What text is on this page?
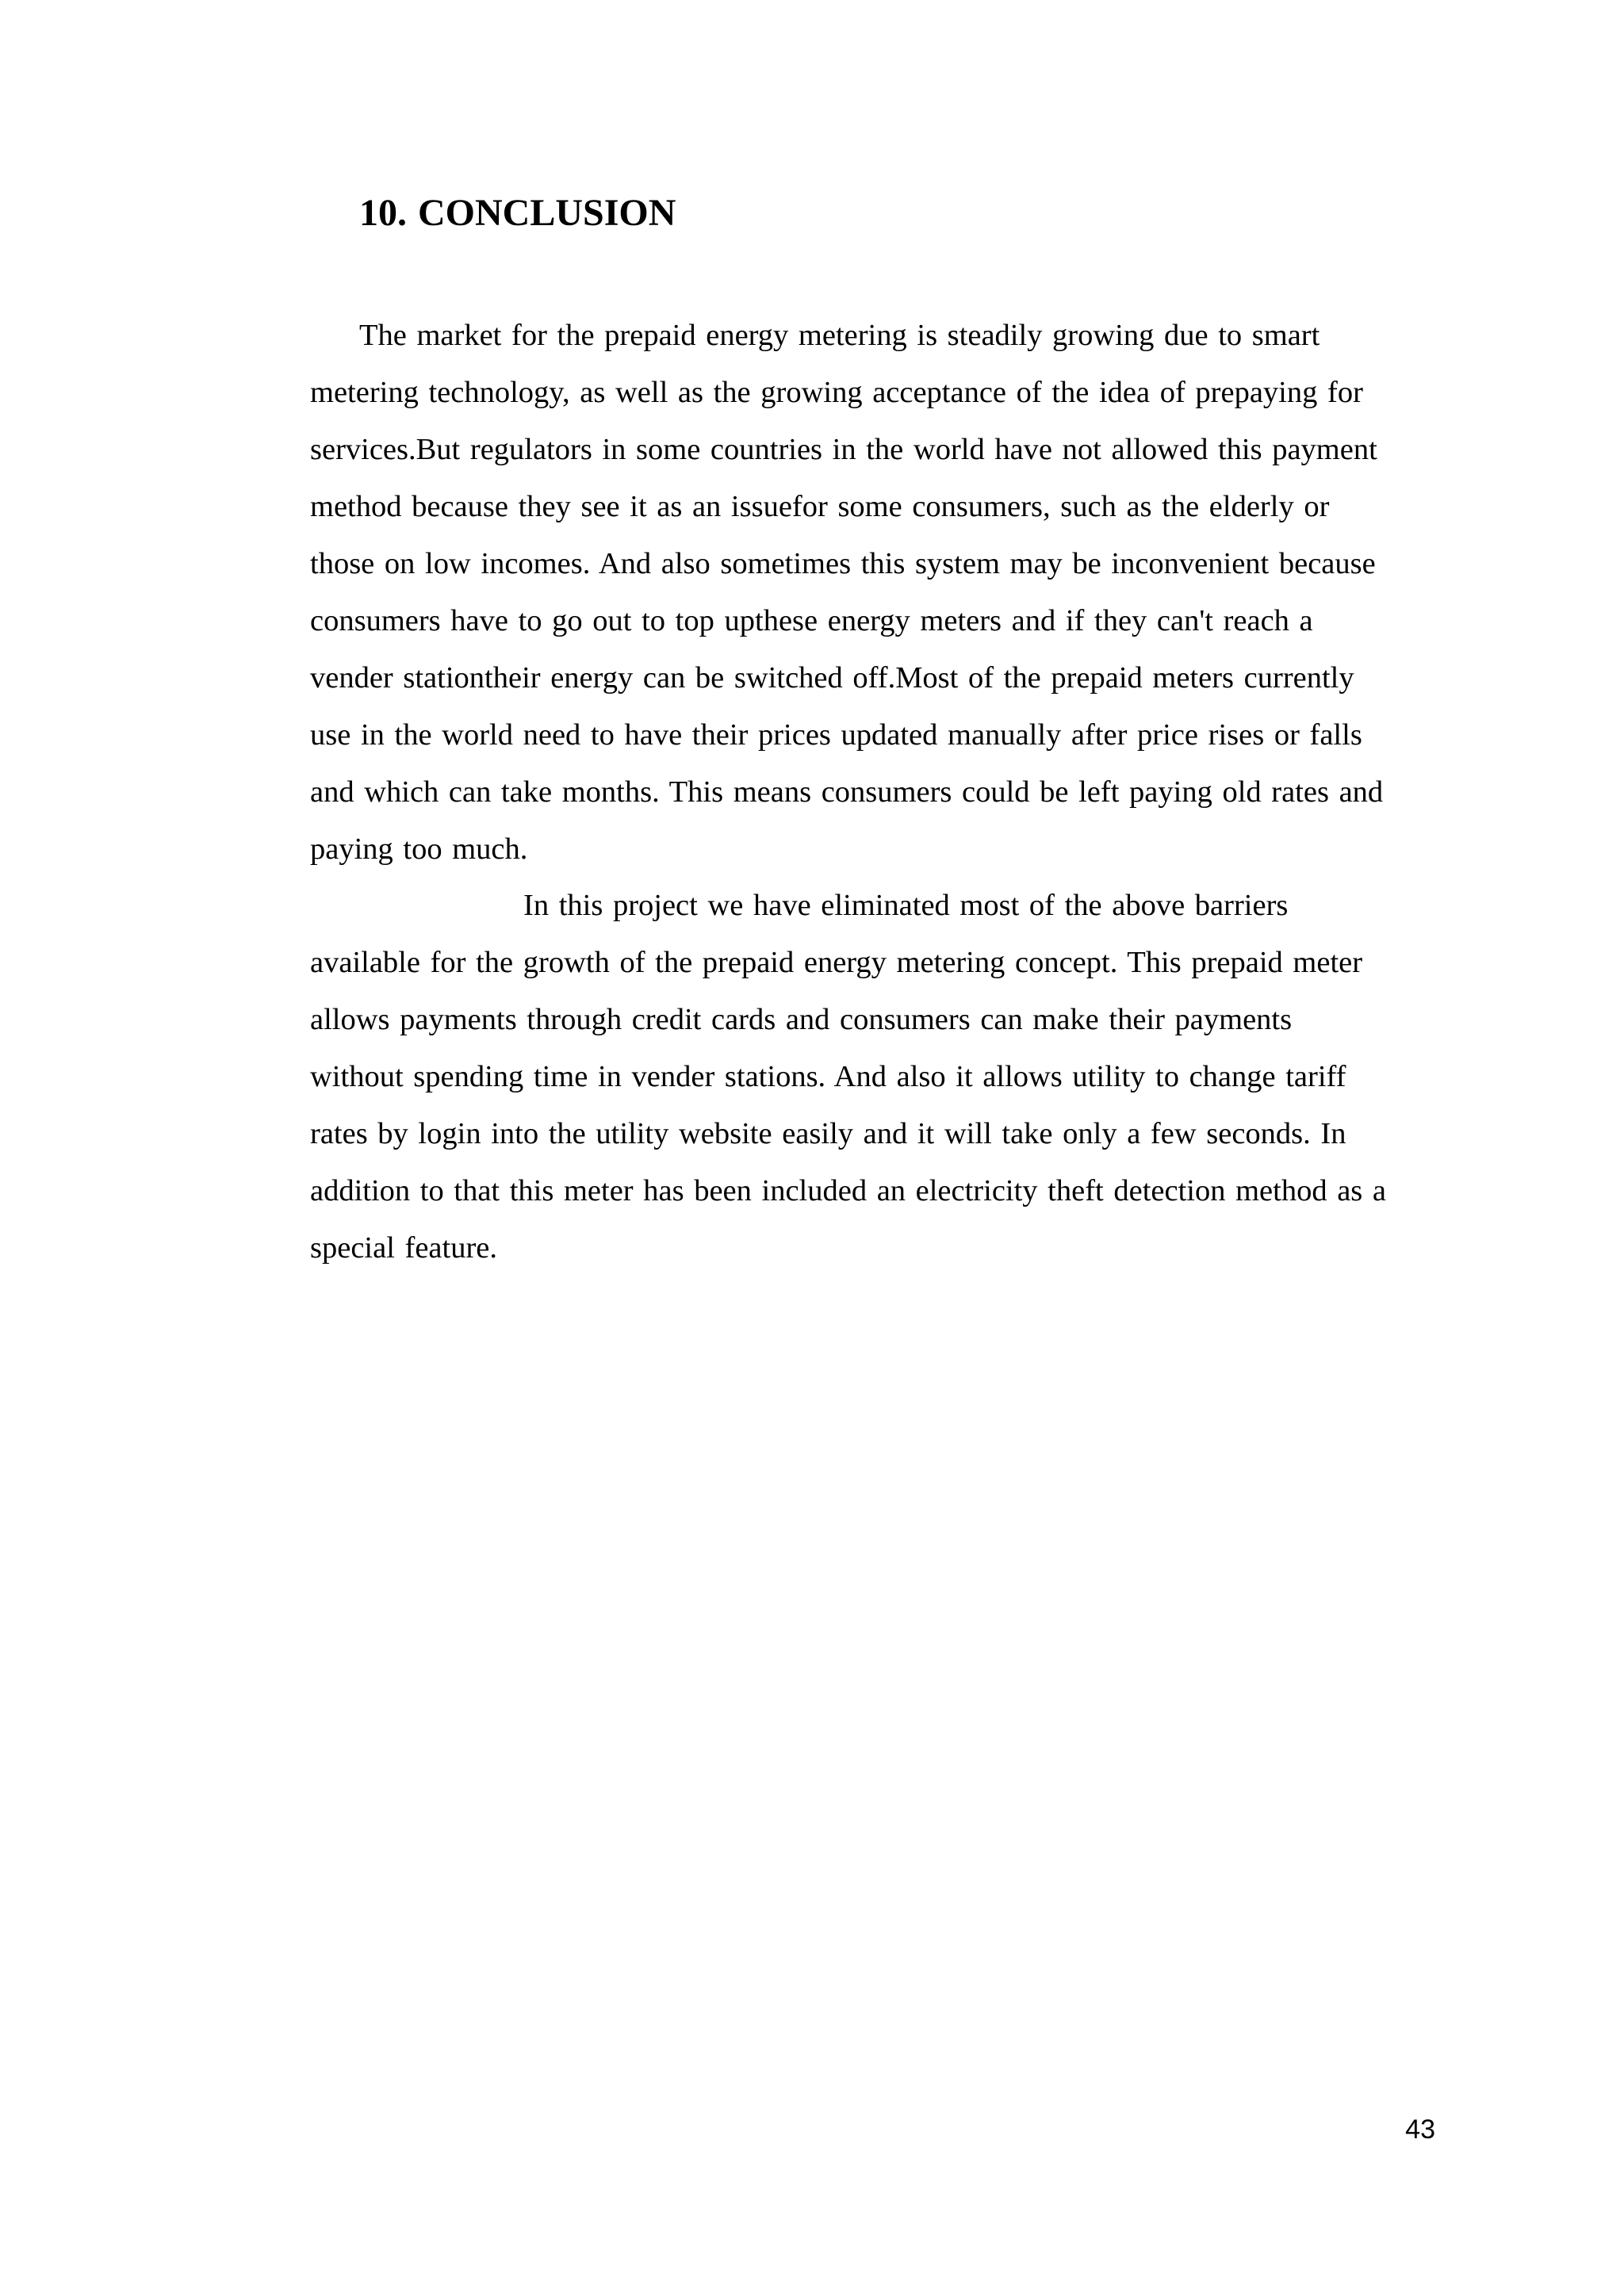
10. CONCLUSION

The market for the prepaid energy metering is steadily growing due to smart

metering technology, as well as the growing acceptance of the idea of prepaying for

services.But regulators in some countries in the world have not allowed this payment

method because they see it as an issuefor some consumers, such as the elderly or

those on low incomes. And also sometimes this system may be inconvenient because

consumers have to go out to top upthese energy meters and if they can't reach a

vender stationtheir energy can be switched off.Most of the prepaid meters currently

use in the world need to have their prices updated manually after price rises or falls

and which can take months. This means consumers could be left paying old rates and

paying too much.

In this project we have eliminated most of the above barriers

available for the growth of the prepaid energy metering concept. This prepaid meter

allows payments through credit cards and consumers can make their payments

without spending time in vender stations. And also it allows utility to change tariff

rates by login into the utility website easily and it will take only a few seconds. In

addition to that this meter has been included an electricity theft detection method as a

special feature.

43
